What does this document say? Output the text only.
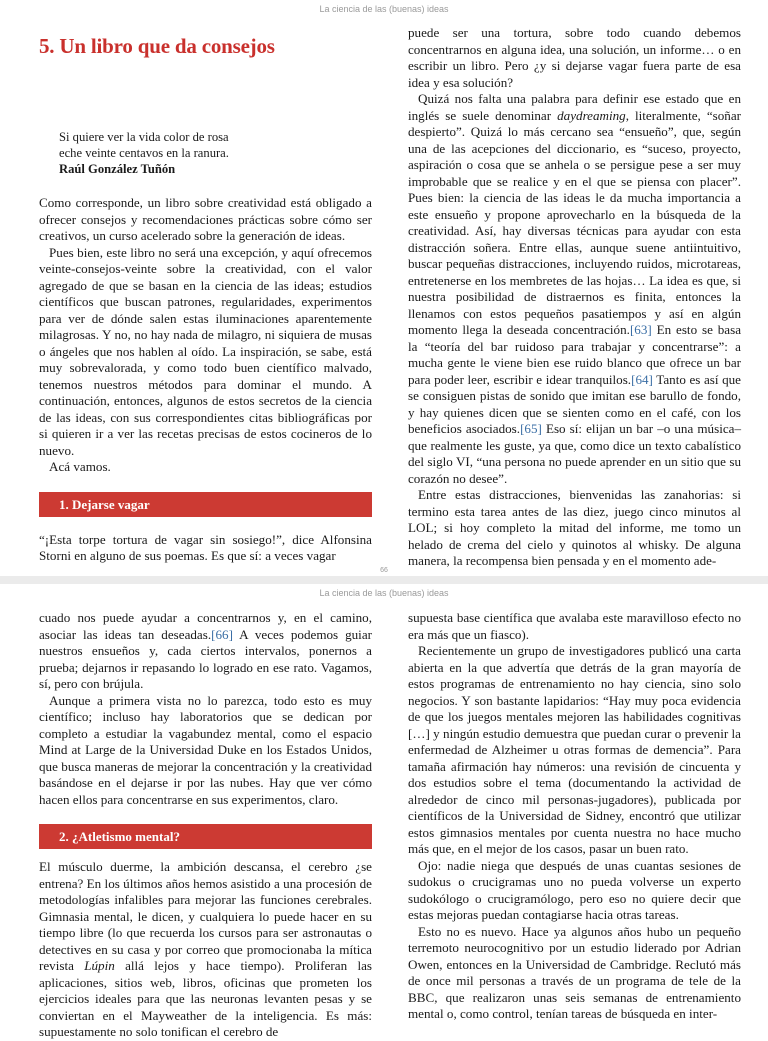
La ciencia de las (buenas) ideas
5. Un libro que da consejos
Si quiere ver la vida color de rosa
eche veinte centavos en la ranura.
Raúl González Tuñón

Como corresponde, un libro sobre creatividad está obligado a ofrecer consejos y recomendaciones prácticas sobre cómo ser creativos, un curso acelerado sobre la generación de ideas.

Pues bien, este libro no será una excepción, y aquí ofrecemos veinte-consejos-veinte sobre la creatividad, con el valor agregado de que se basan en la ciencia de las ideas; estudios científicos que buscan patrones, regularidades, experimentos para ver de dónde salen estas iluminaciones aparentemente milagrosas. Y no, no hay nada de milagro, ni siquiera de musas o ángeles que nos hablen al oído. La inspiración, se sabe, está muy sobrevalorada, y como todo buen científico malvado, tenemos nuestros métodos para dominar el mundo. A continuación, entonces, algunos de estos secretos de la ciencia de las ideas, con sus correspondientes citas bibliográficas por si quieren ir a ver las recetas precisas de estos cocineros de lo nuevo.

Acá vamos.

1. Dejarse vagar

“¡Esta torpe tortura de vagar sin sosiego!”, dice Alfonsina Storni en alguno de sus poemas. Es que sí: a veces vagar

puede ser una tortura, sobre todo cuando debemos concentrarnos en alguna idea, una solución, un informe… o en escribir un libro. Pero ¿y si dejarse vagar fuera parte de esa idea y esa solución?

Quizá nos falta una palabra para definir ese estado que en inglés se suele denominar daydreaming, literalmente, “soñar despierto”. Quizá lo más cercano sea “ensueño”, que, según una de las acepciones del diccionario, es “suceso, proyecto, aspiración o cosa que se anhela o se persigue pese a ser muy improbable que se realice y en el que se piensa con placer”. Pues bien: la ciencia de las ideas le da mucha importancia a este ensueño y propone aprovecharlo en la búsqueda de la creatividad. Así, hay diversas técnicas para ayudar con esta distracción soñera. Entre ellas, aunque suene antiintuitivo, buscar pequeñas distracciones, incluyendo ruidos, microtareas, entretenerse en los membretes de las hojas… La idea es que, si nuestra posibilidad de distraernos es finita, entonces la llenamos con estos pequeños pasatiempos y así en algún momento llega la deseada concentración.[63] En esto se basa la “teoría del bar ruidoso para trabajar y concentrarse”: a mucha gente le viene bien ese ruido blanco que ofrece un bar para poder leer, escribir e idear tranquilos.[64] Tanto es así que se consiguen pistas de sonido que imitan ese barullo de fondo, y hay quienes dicen que se sienten como en el café, con los beneficios asociados.[65] Eso sí: elijan un bar –o una música– que realmente les guste, ya que, como dice un texto cabalístico del siglo VI, “una persona no puede aprender en un sitio que su corazón no desee”.

Entre estas distracciones, bienvenidas las zanahorias: si termino esta tarea antes de las diez, juego cinco minutos al LOL; si hoy completo la mitad del informe, me tomo un helado de crema del cielo y quinotos al whisky. De alguna manera, la recompensa bien pensada y en el momento ade-

66
La ciencia de las (buenas) ideas

cuado nos puede ayudar a concentrarnos y, en el camino, asociar las ideas tan deseadas.[66] A veces podemos guiar nuestros ensueños y, cada ciertos intervalos, ponernos a prueba; dejarnos ir repasando lo logrado en ese rato. Vagamos, sí, pero con brújula.

Aunque a primera vista no lo parezca, todo esto es muy científico; incluso hay laboratorios que se dedican por completo a estudiar la vagabundez mental, como el espacio Mind at Large de la Universidad Duke en los Estados Unidos, que busca maneras de mejorar la concentración y la creatividad basándose en el dejarse ir por las nubes. Hay que ver cómo hacen ellos para concentrarse en sus experimentos, claro.

2. ¿Atletismo mental?

El músculo duerme, la ambición descansa, el cerebro ¿se entrena? En los últimos años hemos asistido a una procesión de metodologías infalibles para mejorar las funciones cerebrales. Gimnasia mental, le dicen, y cualquiera lo puede hacer en su tiempo libre (lo que recuerda los cursos para ser astronautas o detectives en su casa y por correo que promocionaba la mítica revista Lúpin allá lejos y hace tiempo). Proliferan las aplicaciones, sitios web, libros, oficinas que prometen los ejercicios ideales para que las neuronas levanten pesas y se conviertan en el Mayweather de la inteligencia. Es más: supuestamente no solo tonifican el cerebro de

supuesta base científica que avalaba este maravilloso efecto no era más que un fiasco).

Recientemente un grupo de investigadores publicó una carta abierta en la que advertía que detrás de la gran mayoría de estos programas de entrenamiento no hay ciencia, sino solo negocios. Y son bastante lapidarios: “Hay muy poca evidencia de que los juegos mentales mejoren las habilidades cognitivas […] y ningún estudio demuestra que puedan curar o prevenir la enfermedad de Alzheimer u otras formas de demencia”. Para tamaña afirmación hay números: una revisión de cincuenta y dos estudios sobre el tema (documentando la actividad de alrededor de cinco mil personas-jugadores), publicada por científicos de la Universidad de Sidney, encontró que utilizar estos gimnasios mentales por cuenta nuestra no hace mucho más que, en el mejor de los casos, pasar un buen rato.

Ojo: nadie niega que después de unas cuantas sesiones de sudokus o crucigramas uno no pueda volverse un experto sudokólogo o crucigramólogo, pero eso no quiere decir que estas mejoras puedan contagiarse hacia otras tareas.

Esto no es nuevo. Hace ya algunos años hubo un pequeño terremoto neurocognitivo por un estudio liderado por Adrian Owen, entonces en la Universidad de Cambridge. Reclutó más de once mil personas a través de un programa de tele de la BBC, que realizaron unas seis semanas de entrenamiento mental o, como control, tenían tareas de búsqueda en inter-
